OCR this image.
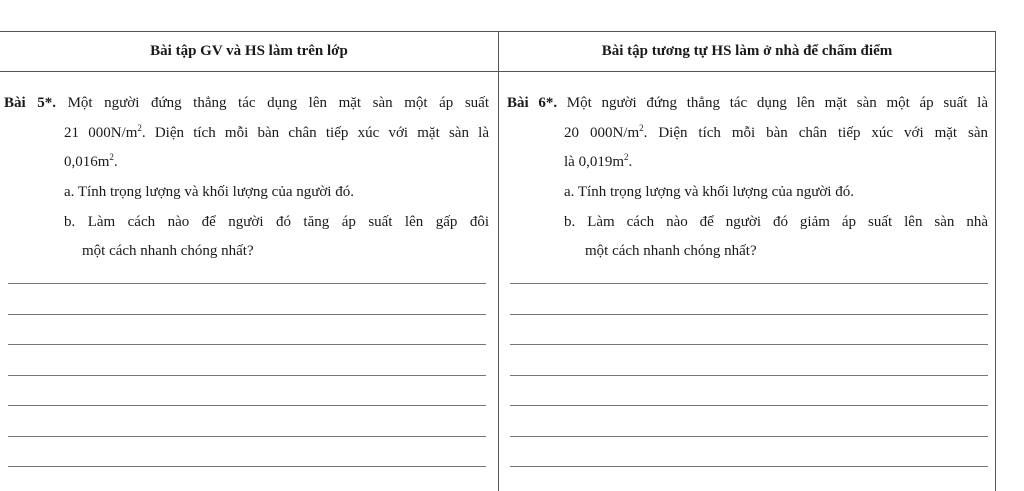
Bài tập GV và HS làm trên lớp	Bài tập tương tự HS làm ở nhà để chấm điểm
Bài 5*. Một người đứng thẳng tác dụng lên mặt sàn một áp suất
21 $000N/m^2$. Diện tích mỗi bàn chân tiếp xúc với mặt sàn là
$0,016m^2$.
a. Tính trọng lượng và khối lượng của người đó.
b. Làm cách nào để người đó tăng áp suất lên gấp đôi
một cách nhanh chóng nhất?
Bài 6*. Một người đứng thẳng tác dụng lên mặt sàn một áp suất là
20 $000N/m^2$. Diện tích mỗi bàn chân tiếp xúc với mặt sàn
là $0,019m^2$.
a. Tính trọng lượng và khối lượng của người đó.
b. Làm cách nào để người đó giảm áp suất lên sàn nhà
một cách nhanh chóng nhất?
